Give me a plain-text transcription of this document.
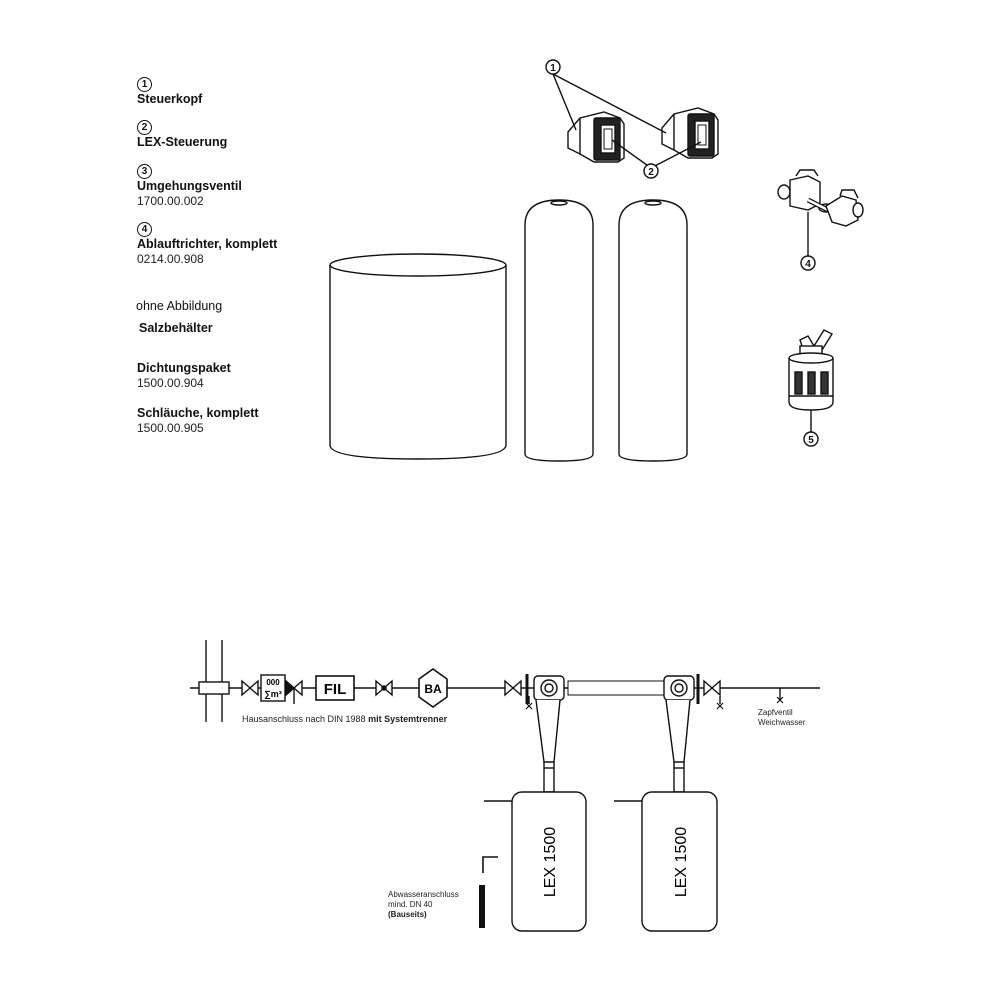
1
Steuerkopf
2
LEX-Steuerung
3
Umgehungsventil
1700.00.002
4
Ablauftrichter, komplett
0214.00.908
ohne Abbildung
Salzbehälter
Dichtungspaket
1500.00.904
Schläuche, komplett
1500.00.905
1
2
4
5
000
∑m³	FIL	BA
Hausanschluss nach DIN 1988 mit Systemtrenner
Zapfventil
Weichwasser
LEX 1500	LEX 1500
Abwasseranschluss
mind. DN 40
(Bauseits)
